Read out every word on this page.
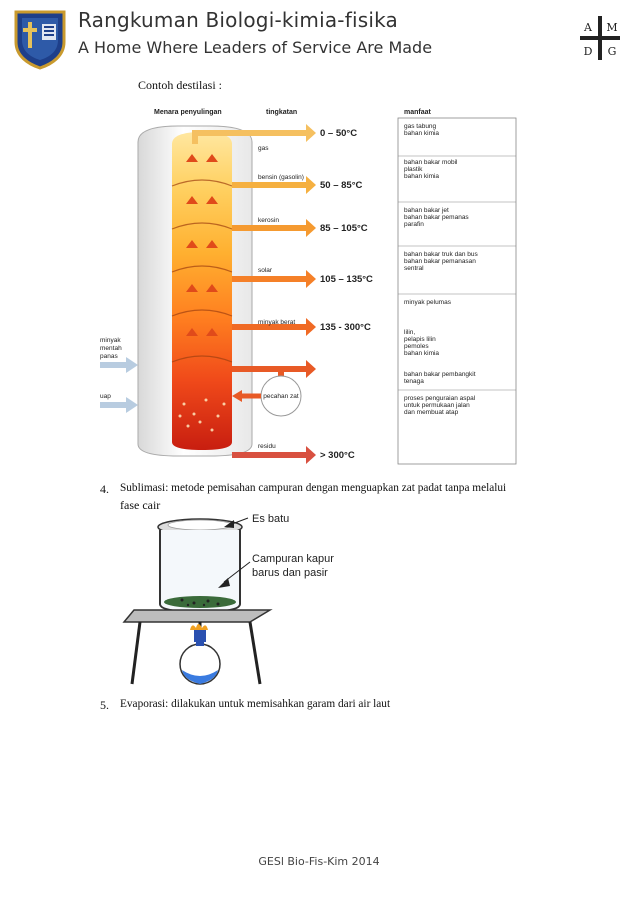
Rangkuman Biologi-kimia-fisika
A Home Where Leaders of Service Are Made
A M
D G
Contoh destilasi :
Menara penyulingan	tingkatan	manfaat
pecahan zat
gas
bensin (gasolin)
kerosin
solar
minyak berat
residu
0 – 50°C
50 – 85°C
85 – 105°C
105 – 135°C
135 - 300°C
> 300°C
minyak
mentah
panas
uap
gas tabung
bahan kimia
bahan bakar mobil
plastik
bahan kimia
bahan bakar jet
bahan bakar pemanas
parafin
bahan bakar truk dan bus
bahan bakar pemanasan
sentral
minyak pelumas
lilin,
pelapis lilin
pemoles
bahan kimia
bahan bakar pembangkit
tenaga
proses penguraian aspal
untuk permukaan jalan
dan membuat atap
4. Sublimasi: metode pemisahan campuran dengan menguapkan zat padat tanpa melalui
fase cair
Es batu
Campuran kapur
barus dan pasir
5. Evaporasi: dilakukan untuk memisahkan garam dari air laut
GESl Bio-Fis-Kim 2014
